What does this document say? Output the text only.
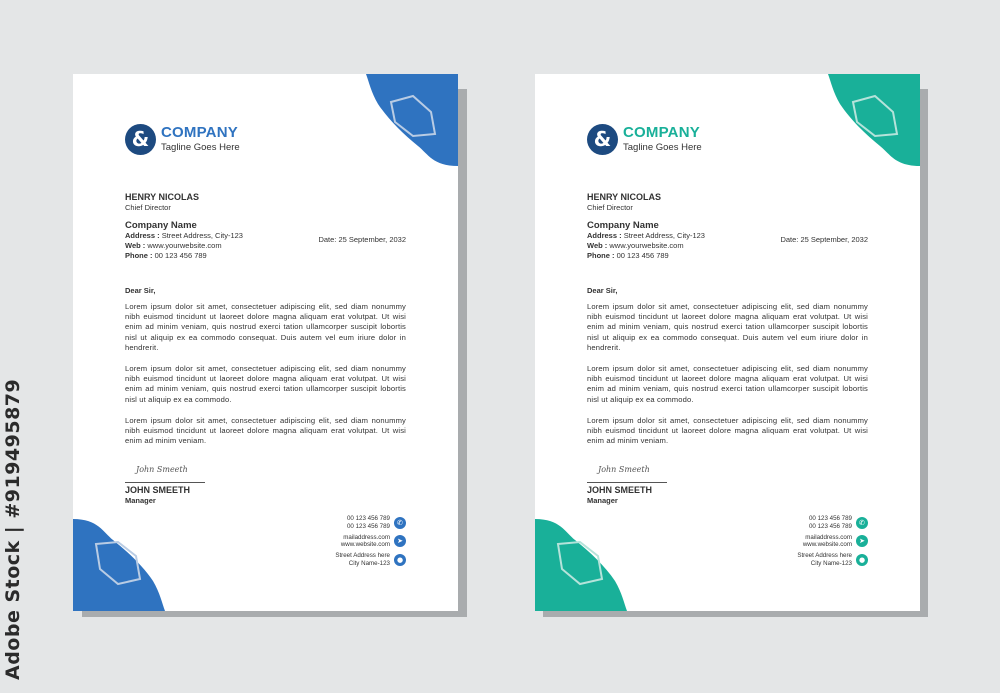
Adobe Stock | #919495879
& COMPANY
Tagline Goes Here
HENRY NICOLAS
Chief Director
Company Name
Address : Street Address, City-123
Web : www.yourwebsite.com
Phone : 00 123 456 789
Date: 25 September, 2032
Dear Sir,

Lorem ipsum dolor sit amet, consectetuer adipiscing elit, sed diam nonummy nibh euismod tincidunt ut laoreet dolore magna aliquam erat volutpat. Ut wisi enim ad minim veniam, quis nostrud exerci tation ullamcorper suscipit lobortis nisl ut aliquip ex ea commodo consequat. Duis autem vel eum iriure dolor in hendrerit.

Lorem ipsum dolor sit amet, consectetuer adipiscing elit, sed diam nonummy nibh euismod tincidunt ut laoreet dolore magna aliquam erat volutpat. Ut wisi enim ad minim veniam, quis nostrud exerci tation ullamcorper suscipit lobortis nisl ut aliquip ex ea commodo.

Lorem ipsum dolor sit amet, consectetuer adipiscing elit, sed diam nonummy nibh euismod tincidunt ut laoreet dolore magna aliquam erat volutpat. Ut wisi enim ad minim veniam.

John Smeeth
JOHN SMEETH
Manager
00 123 456 789
00 123 456 789	✆
mailaddress.com
www.website.com	➤
Street Address here
City Name-123 ●
& COMPANY
Tagline Goes Here
HENRY NICOLAS
Chief Director
Company Name
Address : Street Address, City-123
Web : www.yourwebsite.com
Phone : 00 123 456 789
Date: 25 September, 2032
Dear Sir,

Lorem ipsum dolor sit amet, consectetuer adipiscing elit, sed diam nonummy nibh euismod tincidunt ut laoreet dolore magna aliquam erat volutpat. Ut wisi enim ad minim veniam, quis nostrud exerci tation ullamcorper suscipit lobortis nisl ut aliquip ex ea commodo consequat. Duis autem vel eum iriure dolor in hendrerit.

Lorem ipsum dolor sit amet, consectetuer adipiscing elit, sed diam nonummy nibh euismod tincidunt ut laoreet dolore magna aliquam erat volutpat. Ut wisi enim ad minim veniam, quis nostrud exerci tation ullamcorper suscipit lobortis nisl ut aliquip ex ea commodo.

Lorem ipsum dolor sit amet, consectetuer adipiscing elit, sed diam nonummy nibh euismod tincidunt ut laoreet dolore magna aliquam erat volutpat. Ut wisi enim ad minim veniam.

John Smeeth
JOHN SMEETH
Manager
00 123 456 789
00 123 456 789	✆
mailaddress.com
www.website.com	➤
Street Address here
City Name-123 ●
